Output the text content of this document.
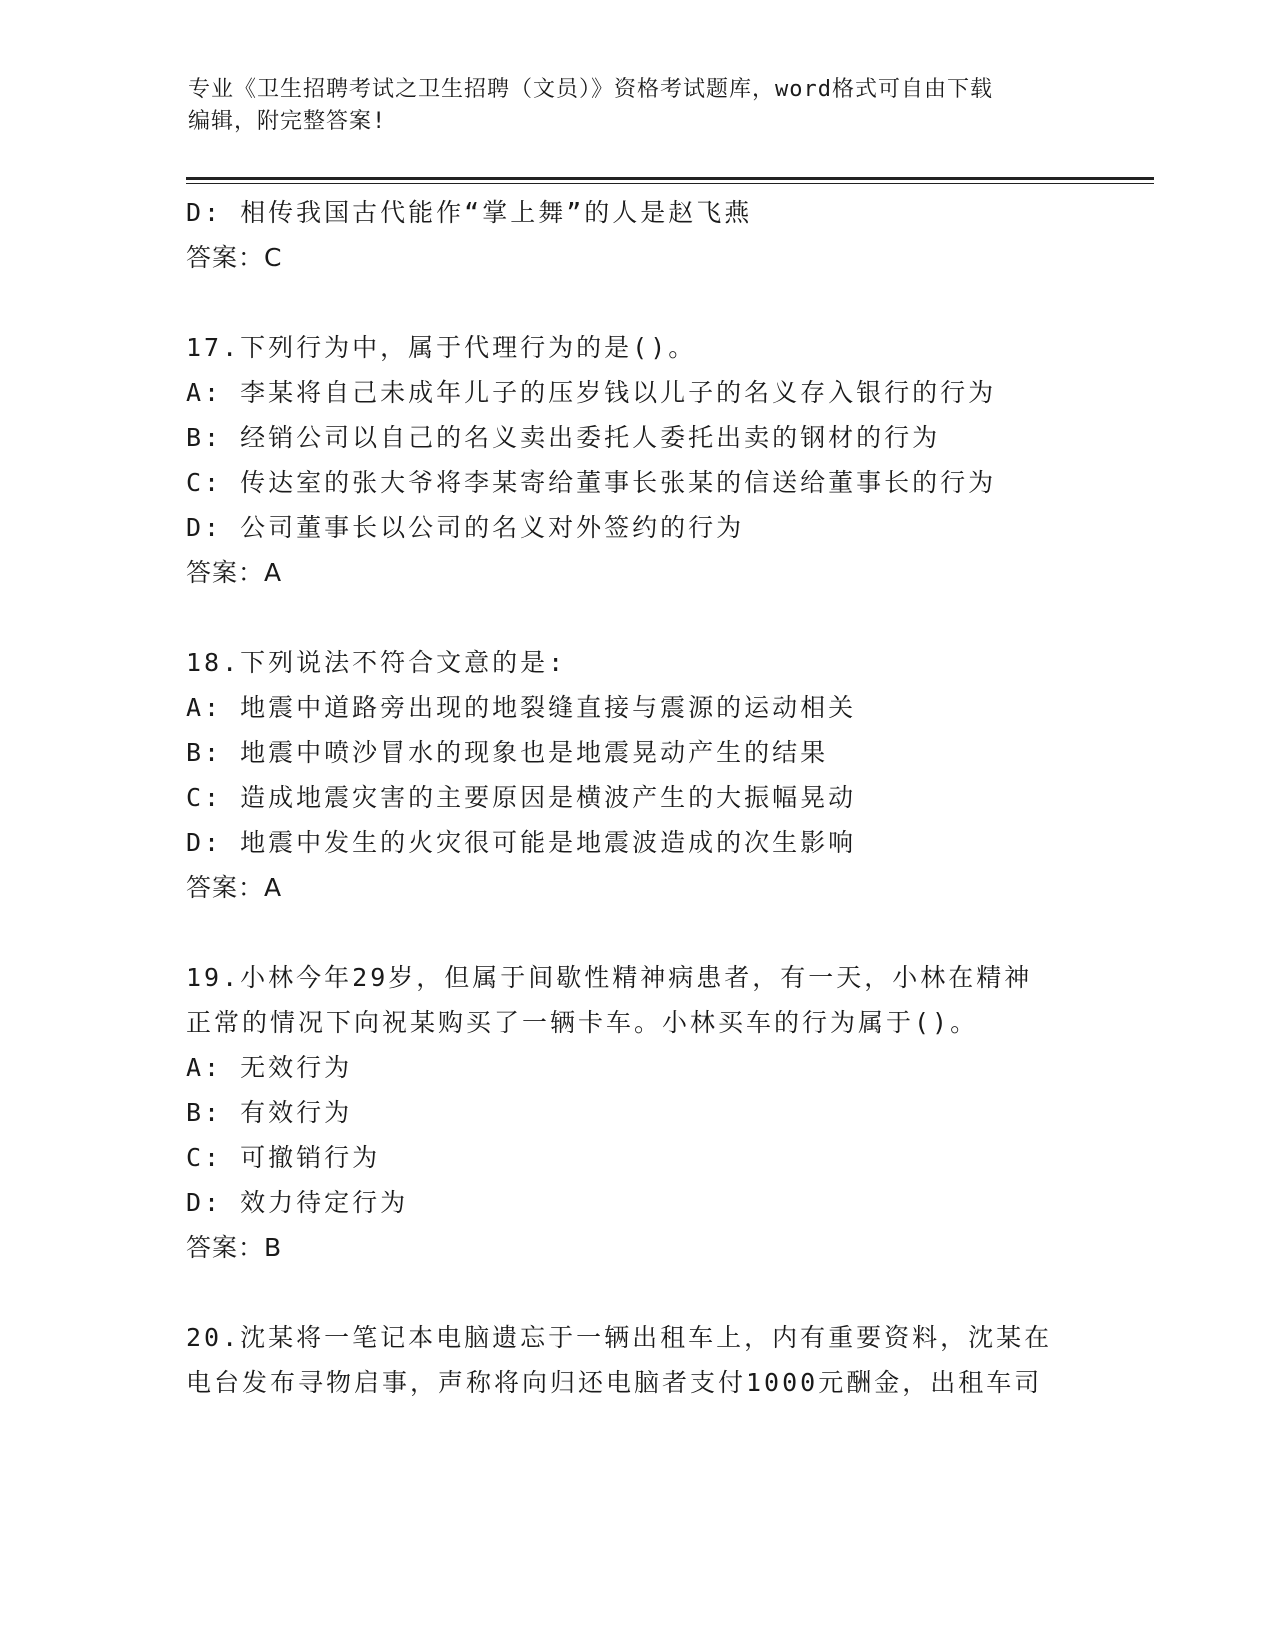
专业《卫生招聘考试之卫生招聘（文员）》资格考试题库，word格式可自由下载
编辑，附完整答案!
D: 相传我国古代能作“掌上舞”的人是赵飞燕
答案：C
17.下列行为中，属于代理行为的是()。
A: 李某将自己未成年儿子的压岁钱以儿子的名义存入银行的行为
B: 经销公司以自己的名义卖出委托人委托出卖的钢材的行为
C: 传达室的张大爷将李某寄给董事长张某的信送给董事长的行为
D: 公司董事长以公司的名义对外签约的行为
答案：A
18.下列说法不符合文意的是:
A: 地震中道路旁出现的地裂缝直接与震源的运动相关
B: 地震中喷沙冒水的现象也是地震晃动产生的结果
C: 造成地震灾害的主要原因是横波产生的大振幅晃动
D: 地震中发生的火灾很可能是地震波造成的次生影响
答案：A
19.小林今年29岁，但属于间歇性精神病患者，有一天，小林在精神
正常的情况下向祝某购买了一辆卡车。小林买车的行为属于()。
A: 无效行为
B: 有效行为
C: 可撤销行为
D: 效力待定行为
答案：B
20.沈某将一笔记本电脑遗忘于一辆出租车上，内有重要资料，沈某在
电台发布寻物启事，声称将向归还电脑者支付1000元酬金，出租车司
